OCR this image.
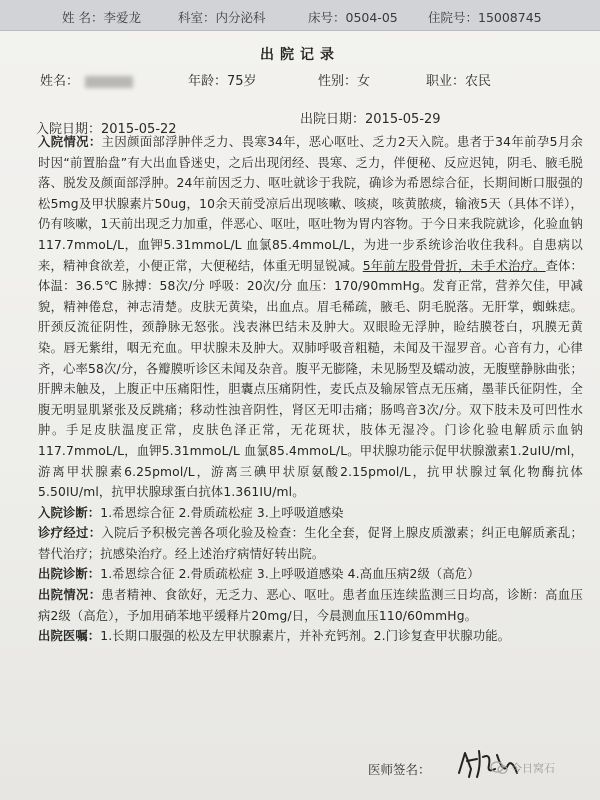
姓 名：李爱龙	科室：内分泌科	床号：0504-05 住院号：15008745
出院记录
姓名：	年龄：75岁	性别：女	职业：农民
入院日期：2015-05-22
出院日期：2015-05-29

入院情况：主因颜面部浮肿伴乏力、畏寒34年，恶心呕吐、乏力2天入院。患者于34年前孕5月余时因“前置胎盘”有大出血昏迷史，之后出现闭经、畏寒、乏力，伴便秘、反应迟钝，阴毛、腋毛脱落、脱发及颜面部浮肿。24年前因乏力、呕吐就诊于我院，确诊为希恩综合征，长期间断口服强的松5mg及甲状腺素片50ug，10余天前受凉后出现咳嗽、咳痰，咳黄脓痰，输液5天（具体不详），仍有咳嗽，1天前出现乏力加重，伴恶心、呕吐，呕吐物为胃内容物。于今日来我院就诊，化验血钠117.7mmoL/L，血钾5.31mmoL/L 血氯85.4mmoL/L，为进一步系统诊治收住我科。自患病以来，精神食欲差，小便正常，大便秘结，体重无明显锐减。5年前左股骨骨折，未手术治疗。查体：体温：36.5℃ 脉搏：58次/分 呼吸：20次/分 血压：170/90mmHg。发育正常，营养欠佳，甲减貌，精神倦怠，神志清楚。皮肤无黄染，出血点。眉毛稀疏，腋毛、阴毛脱落。无肝掌，蜘蛛痣。肝颈反流征阴性，颈静脉无怒张。浅表淋巴结未及肿大。双眼睑无浮肿，睑结膜苍白，巩膜无黄染。唇无紫绀，咽无充血。甲状腺未及肿大。双肺呼吸音粗糙，未闻及干湿罗音。心音有力，心律齐，心率58次/分，各瓣膜听诊区未闻及杂音。腹平无膨隆，未见肠型及蠕动波，无腹壁静脉曲张；肝脾未触及，上腹正中压痛阳性，胆囊点压痛阴性，麦氏点及输尿管点无压痛，墨菲氏征阴性，全腹无明显肌紧张及反跳痛；移动性浊音阴性，肾区无叩击痛；肠鸣音3次/分。双下肢未及可凹性水肿。手足皮肤温度正常，皮肤色泽正常，无花斑状，肢体无湿冷。门诊化验电解质示血钠117.7mmoL/L，血钾5.31mmoL/L 血氯85.4mmoL/L。甲状腺功能示促甲状腺激素1.2uIU/ml，游离甲状腺素6.25pmol/L，游离三碘甲状原氨酸2.15pmol/L，抗甲状腺过氧化物酶抗体5.50IU/ml，抗甲状腺球蛋白抗体1.361IU/ml。

入院诊断：1.希恩综合征 2.骨质疏松症 3.上呼吸道感染

诊疗经过：入院后予积极完善各项化验及检查：生化全套，促肾上腺皮质激素；纠正电解质紊乱；替代治疗；抗感染治疗。经上述治疗病情好转出院。

出院诊断：1.希恩综合征 2.骨质疏松症 3.上呼吸道感染 4.高血压病2级（高危）

出院情况：患者精神、食欲好，无乏力、恶心、呕吐。患者血压连续监测三日均高，诊断：高血压病2级（高危），予加用硝苯地平缓释片20mg/日，今晨测血压110/60mmHg。

出院医嘱：1.长期口服强的松及左甲状腺素片，并补充钙剂。2.门诊复查甲状腺功能。

医师签名：	今日窝石
